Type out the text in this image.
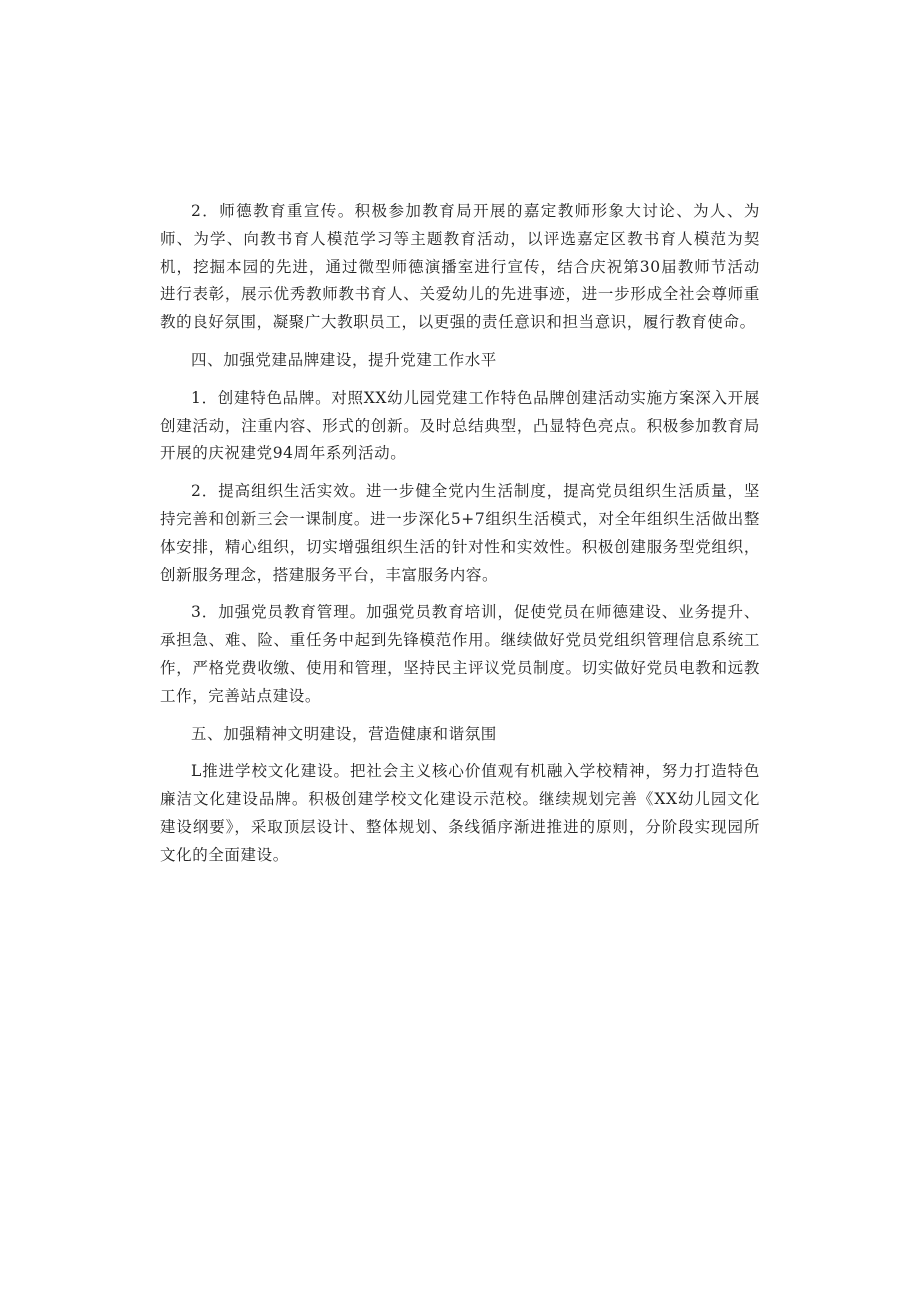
2．师德教育重宣传。积极参加教育局开展的嘉定教师形象大讨论、为人、为师、为学、向教书育人模范学习等主题教育活动，以评选嘉定区教书育人模范为契机，挖掘本园的先进，通过微型师德演播室进行宣传，结合庆祝第30届教师节活动进行表彰，展示优秀教师教书育人、关爱幼儿的先进事迹，进一步形成全社会尊师重教的良好氛围，凝聚广大教职员工，以更强的责任意识和担当意识，履行教育使命。

四、加强党建品牌建设，提升党建工作水平

1．创建特色品牌。对照XX幼儿园党建工作特色品牌创建活动实施方案深入开展创建活动，注重内容、形式的创新。及时总结典型，凸显特色亮点。积极参加教育局开展的庆祝建党94周年系列活动。

2．提高组织生活实效。进一步健全党内生活制度，提高党员组织生活质量，坚持完善和创新三会一课制度。进一步深化5+7组织生活模式，对全年组织生活做出整体安排，精心组织，切实增强组织生活的针对性和实效性。积极创建服务型党组织，创新服务理念，搭建服务平台，丰富服务内容。

3．加强党员教育管理。加强党员教育培训，促使党员在师德建设、业务提升、承担急、难、险、重任务中起到先锋模范作用。继续做好党员党组织管理信息系统工作，严格党费收缴、使用和管理，坚持民主评议党员制度。切实做好党员电教和远教工作，完善站点建设。

五、加强精神文明建设，营造健康和谐氛围

L推进学校文化建设。把社会主义核心价值观有机融入学校精神，努力打造特色廉洁文化建设品牌。积极创建学校文化建设示范校。继续规划完善《XX幼儿园文化建设纲要》，采取顶层设计、整体规划、条线循序渐进推进的原则，分阶段实现园所文化的全面建设。
